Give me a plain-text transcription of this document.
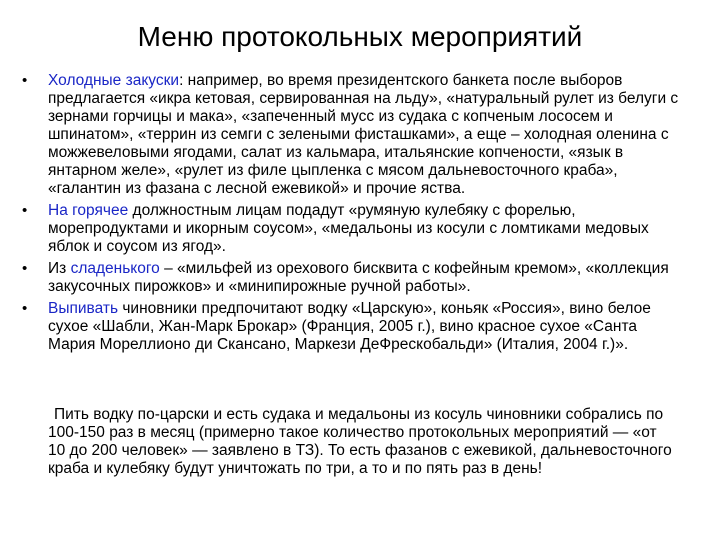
Меню протокольных мероприятий
• Холодные закуски: например, во время президентского банкета после выборов предлагается «икра кетовая, сервированная на льду», «натуральный рулет из белуги с зернами горчицы и мака», «запеченный мусс из судака с копченым лососем и шпинатом», «террин из семги с зелеными фисташками», а еще – холодная оленина с можжевеловыми ягодами, салат из кальмара, итальянские копчености, «язык в янтарном желе», «рулет из филе цыпленка с мясом дальневосточного краба», «галантин из фазана с лесной ежевикой» и прочие яства.
• На горячее должностным лицам подадут «румяную кулебяку с форелью, морепродуктами и икорным соусом», «медальоны из косули с ломтиками медовых яблок и соусом из ягод».
• Из сладенького – «мильфей из орехового бисквита с кофейным кремом», «коллекция закусочных пирожков» и «минипирожные ручной работы».
• Выпивать чиновники предпочитают водку «Царскую», коньяк «Россия», вино белое сухое «Шабли, Жан-Марк Брокар» (Франция, 2005 г.), вино красное сухое «Санта Мария Мореллионо ди Скансано, Маркези ДеФрескобальди» (Италия, 2004 г.)».

Пить водку по-царски и есть судака и медальоны из косуль чиновники собрались по 100-150 раз в месяц (примерно такое количество протокольных мероприятий — «от 10 до 200 человек» — заявлено в ТЗ). То есть фазанов с ежевикой, дальневосточного краба и кулебяку будут уничтожать по три, а то и по пять раз в день!
